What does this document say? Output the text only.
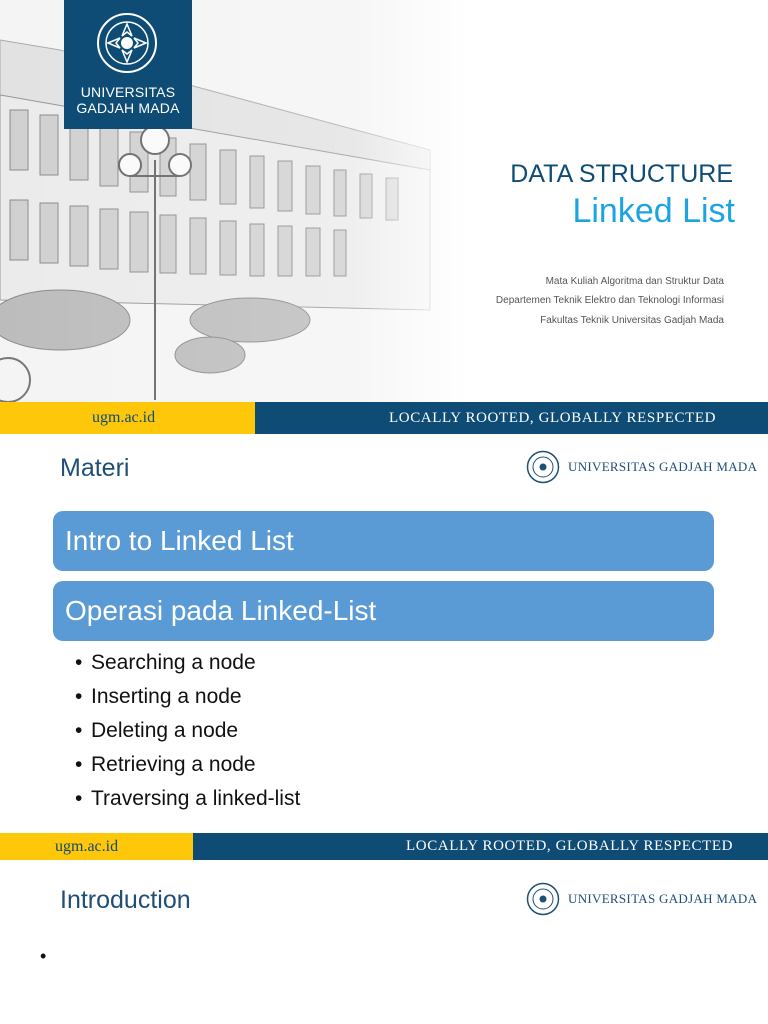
UNIVERSITAS
GADJAH MADA
DATA STRUCTURE
Linked List
Mata Kuliah Algoritma dan Struktur Data
Departemen Teknik Elektro dan Teknologi Informasi
Fakultas Teknik Universitas Gadjah Mada
ugm.ac.id	LOCALLY ROOTED, GLOBALLY RESPECTED
Materi	UNIVERSITAS GADJAH MADA
Intro to Linked List
Operasi pada Linked-List
• Searching a node
• Inserting a node
• Deleting a node
• Retrieving a node
• Traversing a linked-list
ugm.ac.id	LOCALLY ROOTED, GLOBALLY RESPECTED
Introduction	UNIVERSITAS GADJAH MADA
•
